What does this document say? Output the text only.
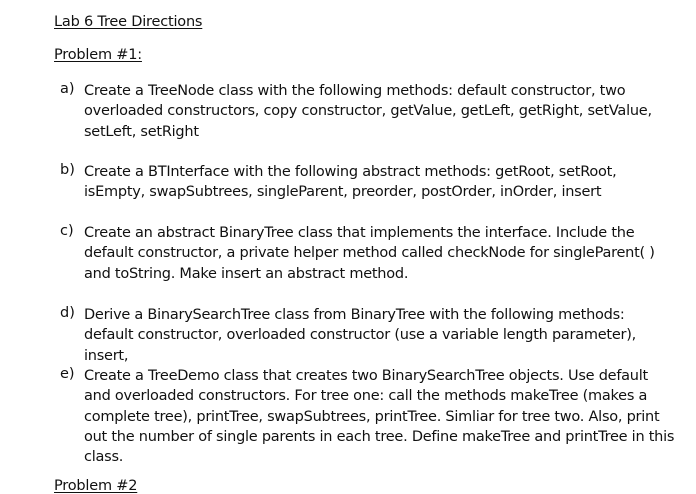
Lab 6 Tree Directions
Problem #1:
a) Create a TreeNode class with the following methods: default constructor, two overloaded constructors, copy constructor, getValue, getLeft, getRight, setValue, setLeft, setRight
b) Create a BTInterface with the following abstract methods: getRoot, setRoot, isEmpty, swapSubtrees, singleParent, preorder, postOrder, inOrder, insert
c) Create an abstract BinaryTree class that implements the interface. Include the default constructor, a private helper method called checkNode for singleParent( ) and toString. Make insert an abstract method.
d) Derive a BinarySearchTree class from BinaryTree with the following methods: default constructor, overloaded constructor (use a variable length parameter), insert,
e) Create a TreeDemo class that creates two BinarySearchTree objects. Use default and overloaded constructors. For tree one: call the methods makeTree (makes a complete tree), printTree, swapSubtrees, printTree. Simliar for tree two. Also, print out the number of single parents in each tree. Define makeTree and printTree in this class.
Problem #2
